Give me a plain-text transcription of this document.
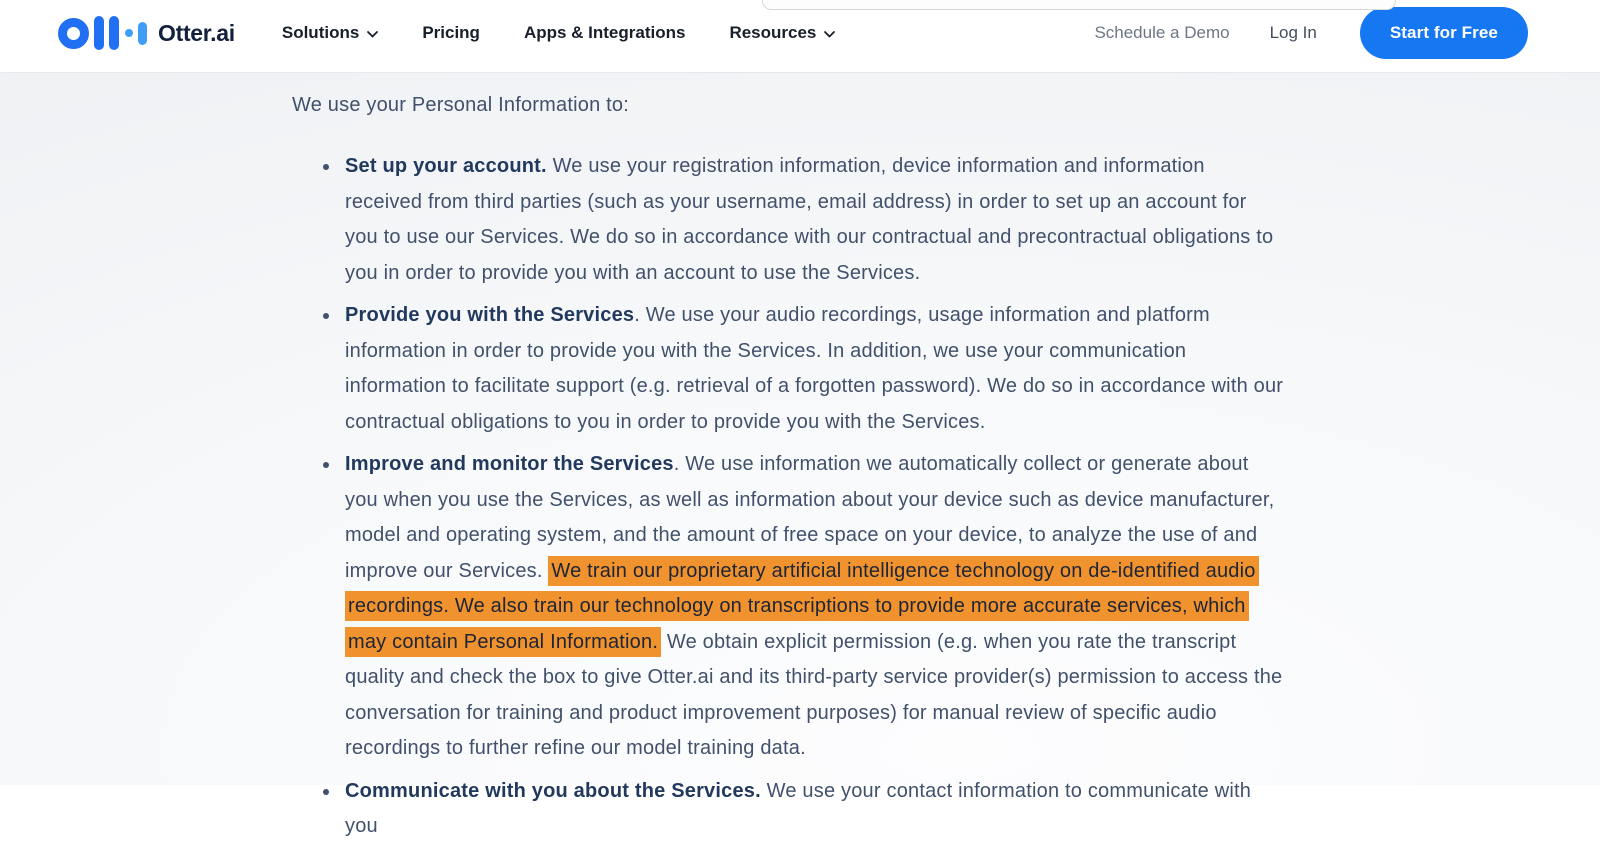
Otter.ai	Solutions	Pricing	Apps & Integrations	Resources	Schedule a Demo Log In	Start for Free

We use your Personal Information to:

Set up your account. We use your registration information, device information and information received from third parties (such as your username, email address) in order to set up an account for you to use our Services. We do so in accordance with our contractual and precontractual obligations to you in order to provide you with an account to use the Services.

Provide you with the Services. We use your audio recordings, usage information and platform information in order to provide you with the Services. In addition, we use your communication information to facilitate support (e.g. retrieval of a forgotten password). We do so in accordance with our contractual obligations to you in order to provide you with the Services.

Improve and monitor the Services. We use information we automatically collect or generate about you when you use the Services, as well as information about your device such as device manufacturer, model and operating system, and the amount of free space on your device, to analyze the use of and improve our Services. We train our proprietary artificial intelligence technology on de-identified audio recordings. We also train our technology on transcriptions to provide more accurate services, which may contain Personal Information. We obtain explicit permission (e.g. when you rate the transcript quality and check the box to give Otter.ai and its third-party service provider(s) permission to access the conversation for training and product improvement purposes) for manual review of specific audio recordings to further refine our model training data.

Communicate with you about the Services. We use your contact information to communicate with you
